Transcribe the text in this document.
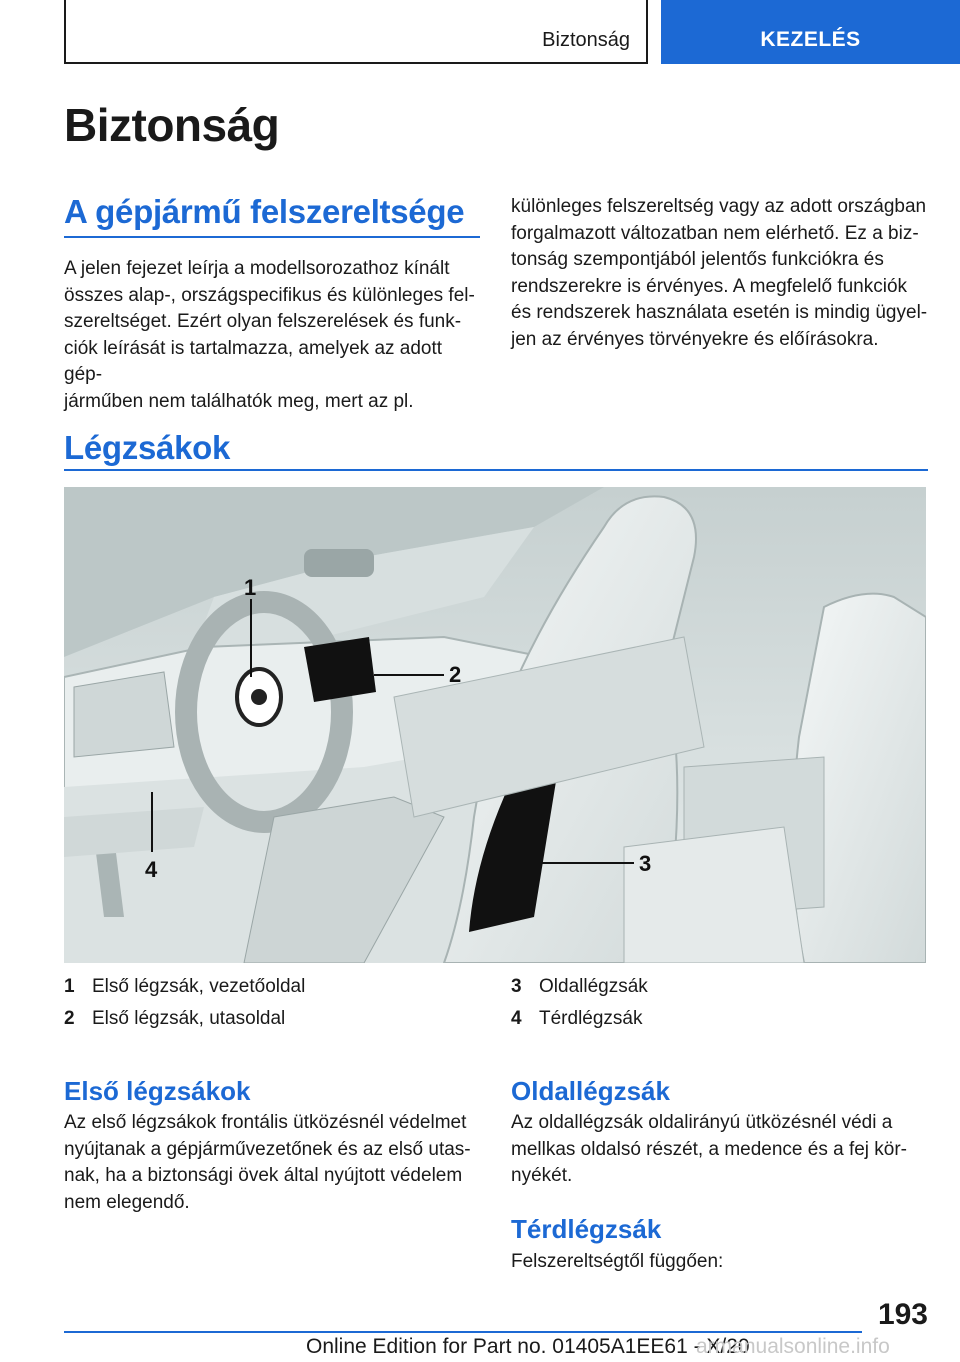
Biztonság	KEZELÉS
Biztonság
A gépjármű felszereltsége
A jelen fejezet leírja a modellsorozathoz kínált
összes alap-, országspecifikus és különleges fel-
szereltséget. Ezért olyan felszerelések és funk-
ciók leírását is tartalmazza, amelyek az adott gép-
járműben nem találhatók meg, mert az pl.
különleges felszereltség vagy az adott országban
forgalmazott változatban nem elérhető. Ez a biz-
tonság szempontjából jelentős funkciókra és
rendszerekre is érvényes. A megfelelő funkciók
és rendszerek használata esetén is mindig ügyel-
jen az érvényes törvényekre és előírásokra.
Légzsákok
1
2
3
4
1 Első légzsák, vezetőoldal
2 Első légzsák, utasoldal
3 Oldallégzsák
4 Térdlégzsák
Első légzsákok
Az első légzsákok frontális ütközésnél védelmet
nyújtanak a gépjárművezetőnek és az első utas-
nak, ha a biztonsági övek által nyújtott védelem
nem elegendő.
Oldallégzsák
Az oldallégzsák oldalirányú ütközésnél védi a
mellkas oldalsó részét, a medence és a fej kör-
nyékét.
Térdlégzsák
Felszereltségtől függően:
193
Online Edition for Part no. 01405A1EE61 - X/20
armanualsonline.info
